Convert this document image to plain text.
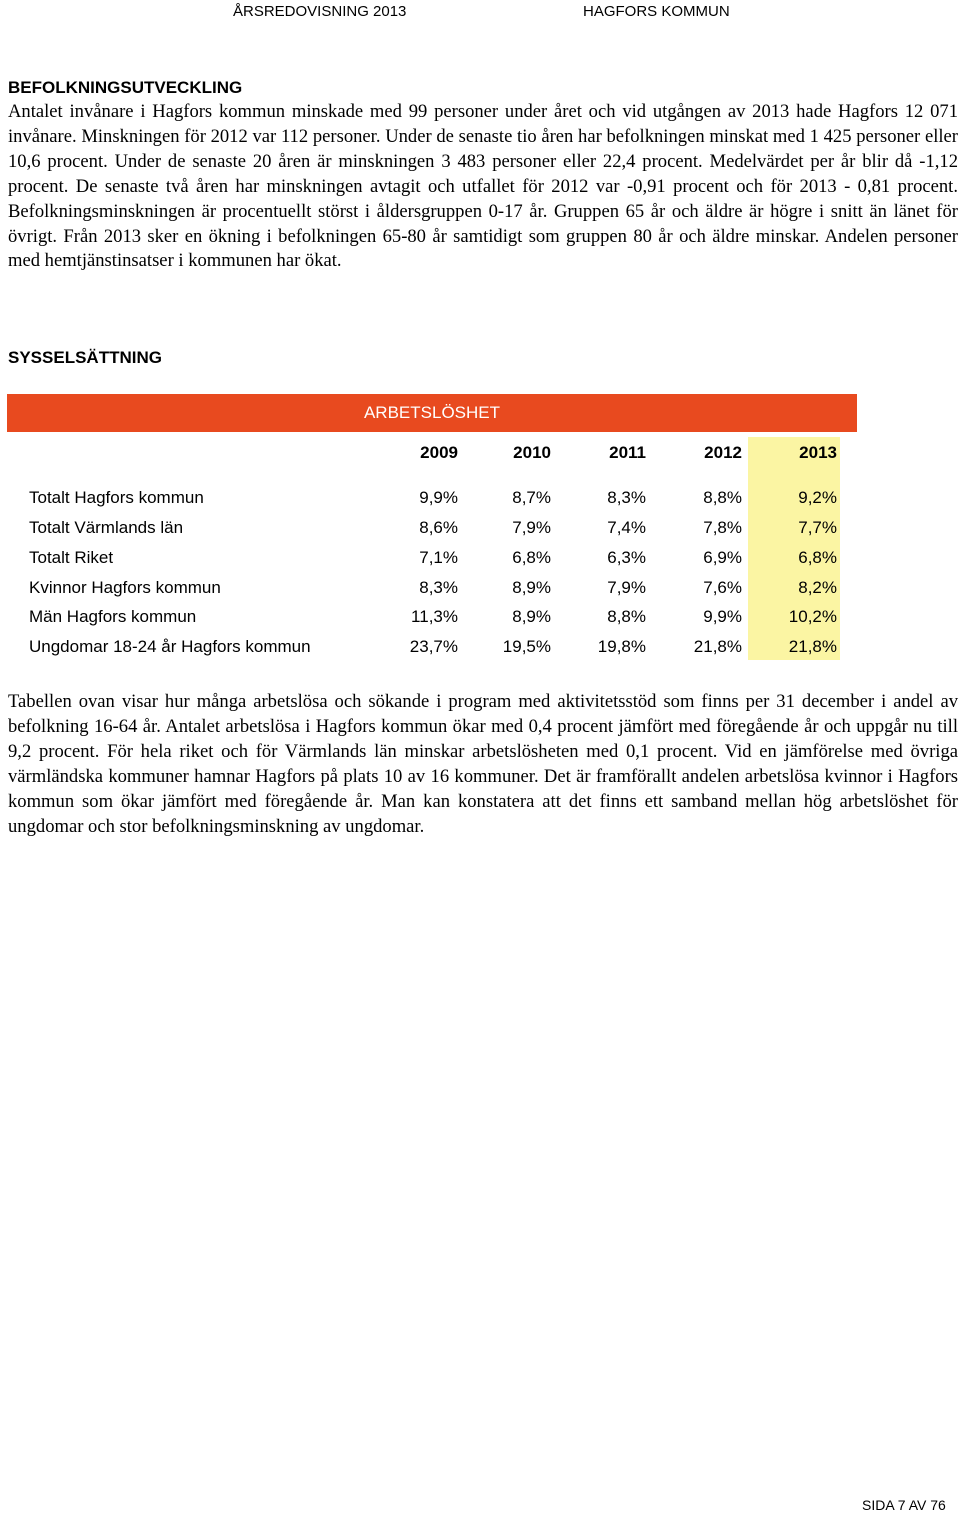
ÅRSREDOVISNING 2013	HAGFORS KOMMUN
BEFOLKNINGSUTVECKLING

Antalet invånare i Hagfors kommun minskade med 99 personer under året och vid utgången av 2013 hade Hagfors 12 071 invånare. Minskningen för 2012 var 112 personer. Under de senaste tio åren har befolkningen minskat med 1 425 personer eller 10,6 procent. Under de senaste 20 åren är minskningen 3 483 personer eller 22,4 procent. Medelvärdet per år blir då -1,12 procent. De senaste två åren har minskningen avtagit och utfallet för 2012 var -0,91 procent och för 2013 - 0,81 procent. Befolkningsminskningen är procentuellt störst i åldersgruppen 0-17 år. Gruppen 65 år och äldre är högre i snitt än länet för övrigt. Från 2013 sker en ökning i befolkningen 65-80 år samtidigt som gruppen 80 år och äldre minskar. Andelen personer med hemtjänstinsatser i kommunen har ökat.

SYSSELSÄTTNING
ARBETSLÖSHET
2009	2010	2011	2012	2013
Totalt Hagfors kommun	9,9%	8,7%	8,3%	8,8%	9,2%
Totalt Värmlands län	8,6%	7,9%	7,4%	7,8%	7,7%
Totalt Riket	7,1%	6,8%	6,3%	6,9%	6,8%
Kvinnor Hagfors kommun	8,3%	8,9%	7,9%	7,6%	8,2%
Män Hagfors kommun	11,3%	8,9%	8,8%	9,9%	10,2%
Ungdomar 18-24 år Hagfors kommun	23,7%	19,5%	19,8%	21,8%	21,8%

Tabellen ovan visar hur många arbetslösa och sökande i program med aktivitetsstöd som finns per 31 december i andel av befolkning 16-64 år. Antalet arbetslösa i Hagfors kommun ökar med 0,4 procent jämfört med föregående år och uppgår nu till 9,2 procent. För hela riket och för Värmlands län minskar arbetslösheten med 0,1 procent. Vid en jämförelse med övriga värmländska kommuner hamnar Hagfors på plats 10 av 16 kommuner. Det är framförallt andelen arbetslösa kvinnor i Hagfors kommun som ökar jämfört med föregående år. Man kan konstatera att det finns ett samband mellan hög arbetslöshet för ungdomar och stor befolkningsminskning av ungdomar.

SIDA 7 AV 76
